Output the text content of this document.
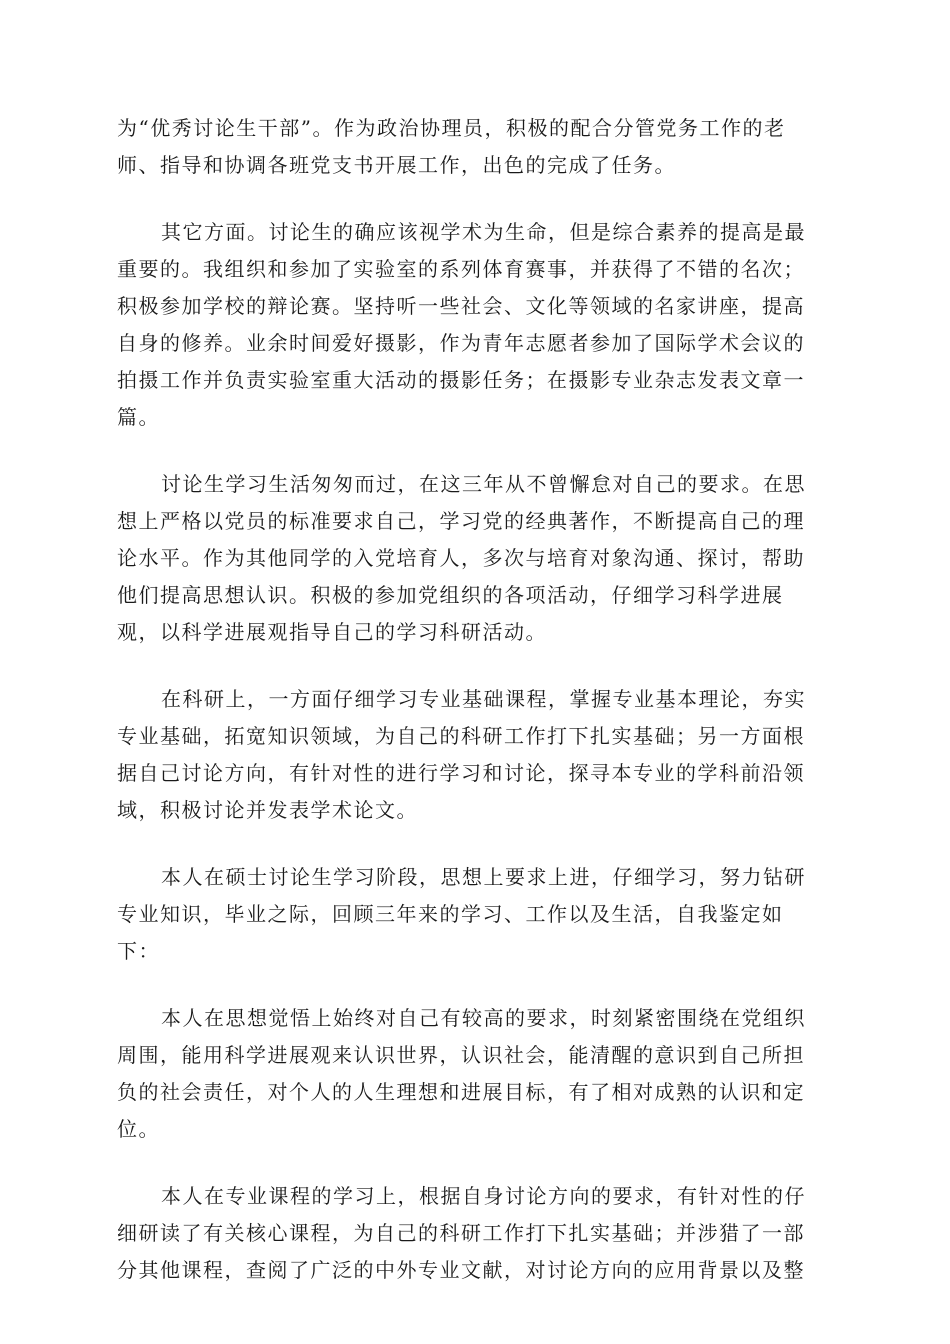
为“优秀讨论生干部”。作为政治协理员，积极的配合分管党务工作的老
师、指导和协调各班党支书开展工作，出色的完成了任务。

其它方面。讨论生的确应该视学术为生命，但是综合素养的提高是最
重要的。我组织和参加了实验室的系列体育赛事，并获得了不错的名次；
积极参加学校的辩论赛。坚持听一些社会、文化等领域的名家讲座，提高
自身的修养。业余时间爱好摄影，作为青年志愿者参加了国际学术会议的
拍摄工作并负责实验室重大活动的摄影任务；在摄影专业杂志发表文章一
篇。

讨论生学习生活匆匆而过，在这三年从不曾懈怠对自己的要求。在思
想上严格以党员的标准要求自己，学习党的经典著作，不断提高自己的理
论水平。作为其他同学的入党培育人，多次与培育对象沟通、探讨，帮助
他们提高思想认识。积极的参加党组织的各项活动，仔细学习科学进展
观，以科学进展观指导自己的学习科研活动。

在科研上，一方面仔细学习专业基础课程，掌握专业基本理论，夯实
专业基础，拓宽知识领域，为自己的科研工作打下扎实基础；另一方面根
据自己讨论方向，有针对性的进行学习和讨论，探寻本专业的学科前沿领
域，积极讨论并发表学术论文。

本人在硕士讨论生学习阶段，思想上要求上进，仔细学习，努力钻研
专业知识，毕业之际，回顾三年来的学习、工作以及生活，自我鉴定如
下：

本人在思想觉悟上始终对自己有较高的要求，时刻紧密围绕在党组织
周围，能用科学进展观来认识世界，认识社会，能清醒的意识到自己所担
负的社会责任，对个人的人生理想和进展目标，有了相对成熟的认识和定
位。

本人在专业课程的学习上，根据自身讨论方向的要求，有针对性的仔
细研读了有关核心课程，为自己的科研工作打下扎实基础；并涉猎了一部
分其他课程，查阅了广泛的中外专业文献，对讨论方向的应用背景以及整
